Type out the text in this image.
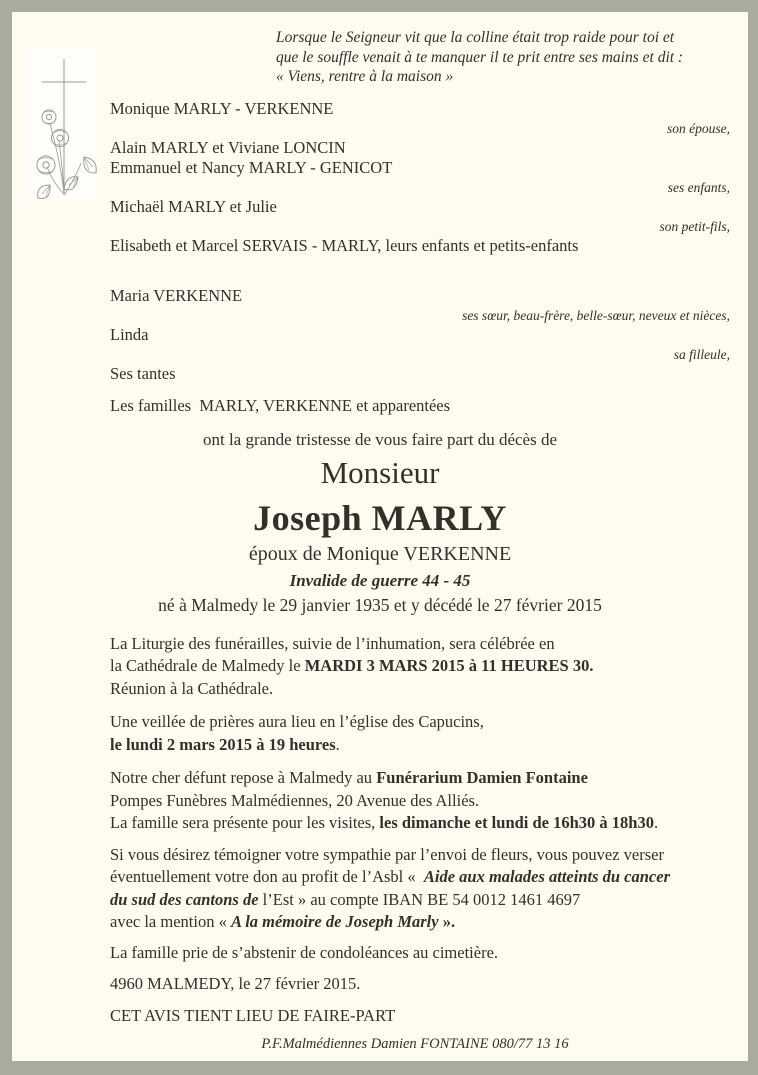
Lorsque le Seigneur vit que la colline était trop raide pour toi et
que le souffle venait à te manquer il te prit entre ses mains et dit :
« Viens, rentre à la maison »
Monique MARLY - VERKENNE
son épouse,
Alain MARLY et Viviane LONCIN
Emmanuel et Nancy MARLY - GENICOT
ses enfants,
Michaël MARLY et Julie
son petit-fils,
Elisabeth et Marcel SERVAIS - MARLY, leurs enfants et petits-enfants
Maria VERKENNE
ses sœur, beau-frère, belle-sœur, neveux et nièces,
Linda
sa filleule,
Ses tantes
Les familles  MARLY, VERKENNE et apparentées
ont la grande tristesse de vous faire part du décès de
Monsieur
Joseph MARLY
époux de Monique VERKENNE
Invalide de guerre 44 - 45
né à Malmedy le 29 janvier 1935 et y décédé le 27 février 2015
La Liturgie des funérailles, suivie de l’inhumation, sera célébrée en
la Cathédrale de Malmedy le MARDI 3 MARS 2015 à 11 HEURES 30.
Réunion à la Cathédrale.
Une veillée de prières aura lieu en l’église des Capucins,
le lundi 2 mars 2015 à 19 heures.
Notre cher défunt repose à Malmedy au Funérarium Damien Fontaine
Pompes Funèbres Malmédiennes, 20 Avenue des Alliés.
La famille sera présente pour les visites, les dimanche et lundi de 16h30 à 18h30.
Si vous désirez témoigner votre sympathie par l’envoi de fleurs, vous pouvez verser
éventuellement votre don au profit de l’Asbl «  Aide aux malades atteints du cancer
du sud des cantons de l’Est » au compte IBAN BE 54 0012 1461 4697
avec la mention « A la mémoire de Joseph Marly ».
La famille prie de s’abstenir de condoléances au cimetière.
4960 MALMEDY, le 27 février 2015.
CET AVIS TIENT LIEU DE FAIRE-PART
P.F.Malmédiennes Damien FONTAINE 080/77 13 16
